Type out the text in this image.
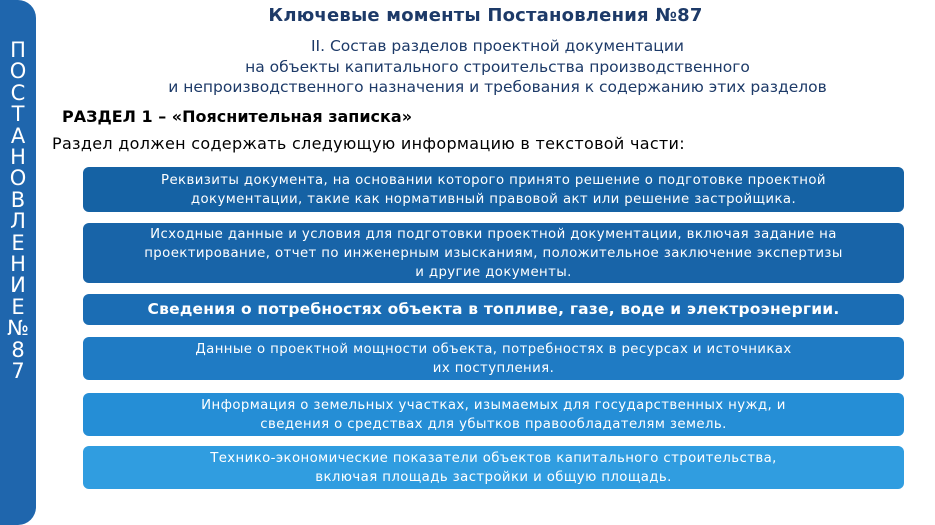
П
О
С
Т
А
Н
О
В
Л
Е
Н
И
Е
№
8
7
Ключевые моменты Постановления №87
II. Состав разделов проектной документации
на объекты капитального строительства производственного
и непроизводственного назначения и требования к содержанию этих разделов
РАЗДЕЛ 1 – «Пояснительная записка»
Раздел должен содержать следующую информацию в текстовой части:
Реквизиты документа, на основании которого принято решение о подготовке проектной
документации, такие как нормативный правовой акт или решение застройщика.
Исходные данные и условия для подготовки проектной документации, включая задание на
проектирование, отчет по инженерным изысканиям, положительное заключение экспертизы
и другие документы.
Сведения о потребностях объекта в топливе, газе, воде и электроэнергии.
Данные о проектной мощности объекта, потребностях в ресурсах и источниках
их поступления.
Информация о земельных участках, изымаемых для государственных нужд, и
сведения о средствах для убытков правообладателям земель.
Технико-экономические показатели объектов капитального строительства,
включая площадь застройки и общую площадь.
